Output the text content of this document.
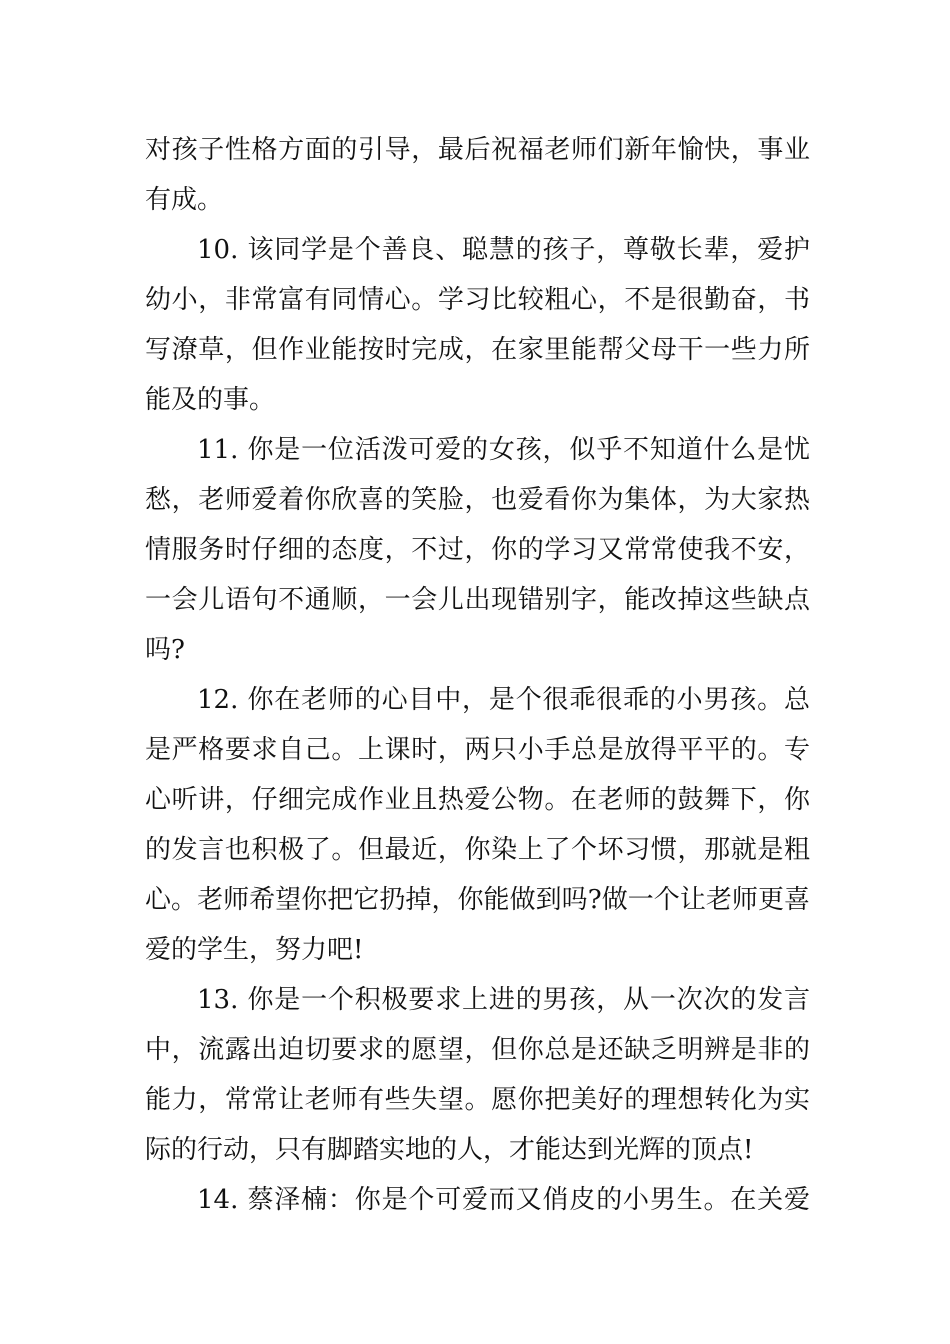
对孩子性格方面的引导，最后祝福老师们新年愉快，事业
有成。
10. 该同学是个善良、聪慧的孩子，尊敬长辈，爱护
幼小，非常富有同情心。学习比较粗心，不是很勤奋，书
写潦草，但作业能按时完成，在家里能帮父母干一些力所
能及的事。
11. 你是一位活泼可爱的女孩，似乎不知道什么是忧
愁，老师爱着你欣喜的笑脸，也爱看你为集体，为大家热
情服务时仔细的态度，不过，你的学习又常常使我不安，
一会儿语句不通顺，一会儿出现错别字，能改掉这些缺点
吗?
12. 你在老师的心目中，是个很乖很乖的小男孩。总
是严格要求自己。上课时，两只小手总是放得平平的。专
心听讲，仔细完成作业且热爱公物。在老师的鼓舞下，你
的发言也积极了。但最近，你染上了个坏习惯，那就是粗
心。老师希望你把它扔掉，你能做到吗?做一个让老师更喜
爱的学生，努力吧!
13. 你是一个积极要求上进的男孩，从一次次的发言
中，流露出迫切要求的愿望，但你总是还缺乏明辨是非的
能力，常常让老师有些失望。愿你把美好的理想转化为实
际的行动，只有脚踏实地的人，才能达到光辉的顶点!
14. 蔡泽楠：你是个可爱而又俏皮的小男生。在关爱
